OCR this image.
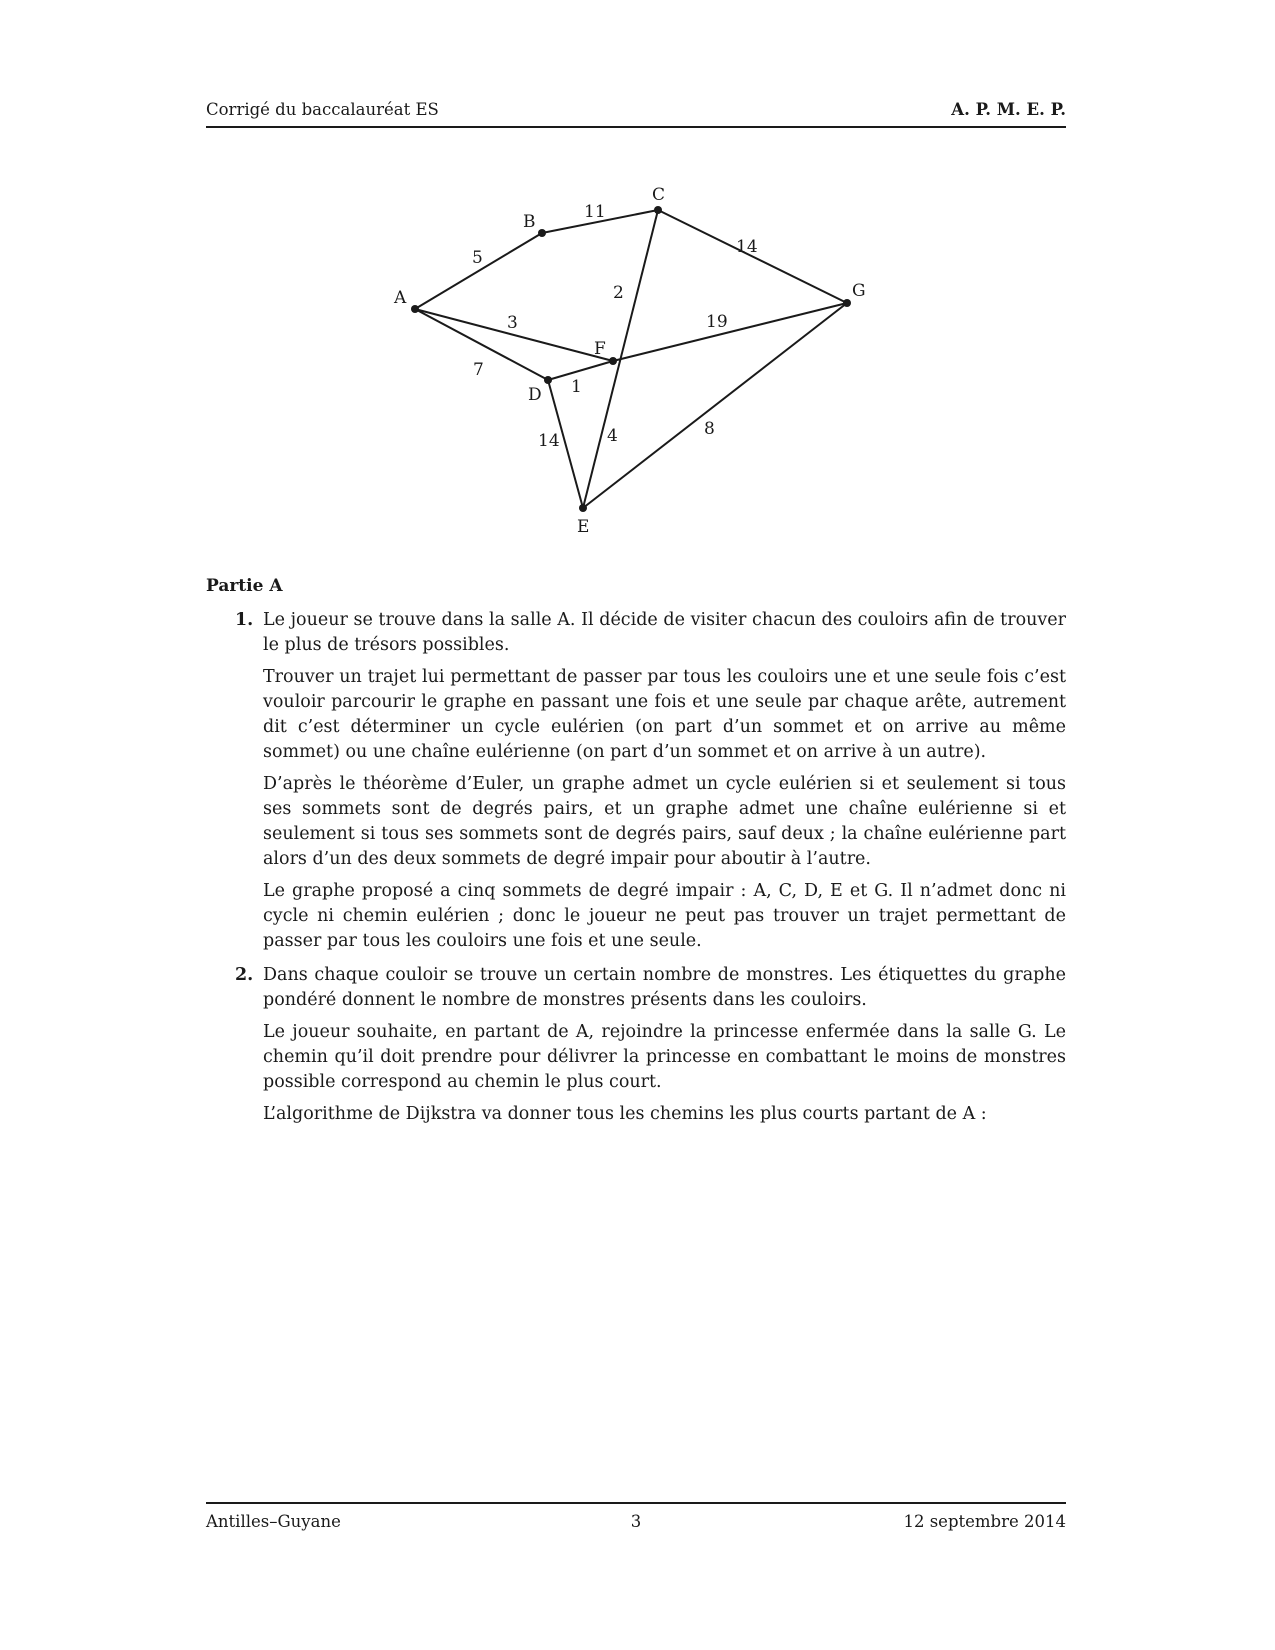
Corrigé du baccalauréat ES	A. P. M. E. P.
A
B
C
D
E
F
G
5
11
14
2
3
7
1
19
14	4	8
Partie A
1. Le joueur se trouve dans la salle A. Il décide de visiter chacun des couloirs afin de trouver le plus de trésors possibles.

Trouver un trajet lui permettant de passer par tous les couloirs une et une seule fois c’est vouloir parcourir le graphe en passant une fois et une seule par chaque arête, autrement dit c’est déterminer un cycle eulérien (on part d’un sommet et on arrive au même sommet) ou une chaîne eulérienne (on part d’un sommet et on arrive à un autre).

D’après le théorème d’Euler, un graphe admet un cycle eulérien si et seulement si tous ses sommets sont de degrés pairs, et un graphe admet une chaîne eulérienne si et seulement si tous ses sommets sont de degrés pairs, sauf deux ; la chaîne eulérienne part alors d’un des deux sommets de degré impair pour aboutir à l’autre.

Le graphe proposé a cinq sommets de degré impair : A, C, D, E et G. Il n’admet donc ni cycle ni chemin eulérien ; donc le joueur ne peut pas trouver un trajet permettant de passer par tous les couloirs une fois et une seule.

2. Dans chaque couloir se trouve un certain nombre de monstres. Les étiquettes du graphe pondéré donnent le nombre de monstres présents dans les couloirs.

Le joueur souhaite, en partant de A, rejoindre la princesse enfermée dans la salle G. Le chemin qu’il doit prendre pour délivrer la princesse en combattant le moins de monstres possible correspond au chemin le plus court.

L’algorithme de Dijkstra va donner tous les chemins les plus courts partant de A :

Antilles–Guyane	3	12 septembre 2014
